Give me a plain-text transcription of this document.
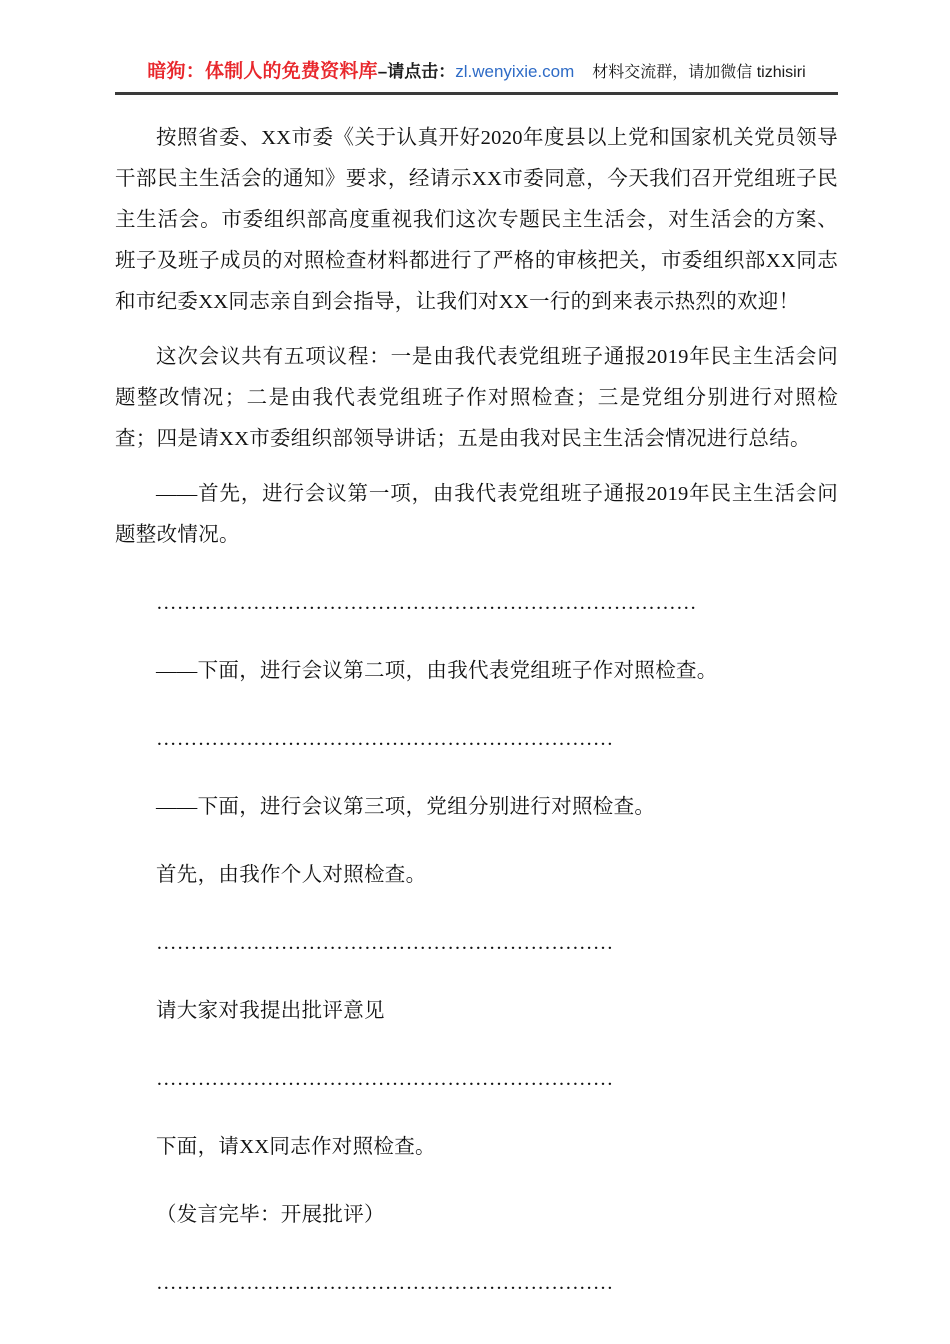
暗狗：体制人的免费资料库–请点击：zl.wenyixie.com 材料交流群，请加微信 tizhisiri

按照省委、XX市委《关于认真开好2020年度县以上党和国家机关党员领导干部民主生活会的通知》要求，经请示XX市委同意，今天我们召开党组班子民主生活会。市委组织部高度重视我们这次专题民主生活会，对生活会的方案、班子及班子成员的对照检查材料都进行了严格的审核把关，市委组织部XX同志和市纪委XX同志亲自到会指导，让我们对XX一行的到来表示热烈的欢迎！

这次会议共有五项议程：一是由我代表党组班子通报2019年民主生活会问题整改情况；二是由我代表党组班子作对照检查；三是党组分别进行对照检查；四是请XX市委组织部领导讲话；五是由我对民主生活会情况进行总结。

——首先，进行会议第一项，由我代表党组班子通报2019年民主生活会问题整改情况。

……………………………………………………………………

——下面，进行会议第二项，由我代表党组班子作对照检查。

…………………………………………………………

——下面，进行会议第三项，党组分别进行对照检查。

首先，由我作个人对照检查。

…………………………………………………………

请大家对我提出批评意见

…………………………………………………………

下面，请XX同志作对照检查。

（发言完毕：开展批评）

…………………………………………………………
